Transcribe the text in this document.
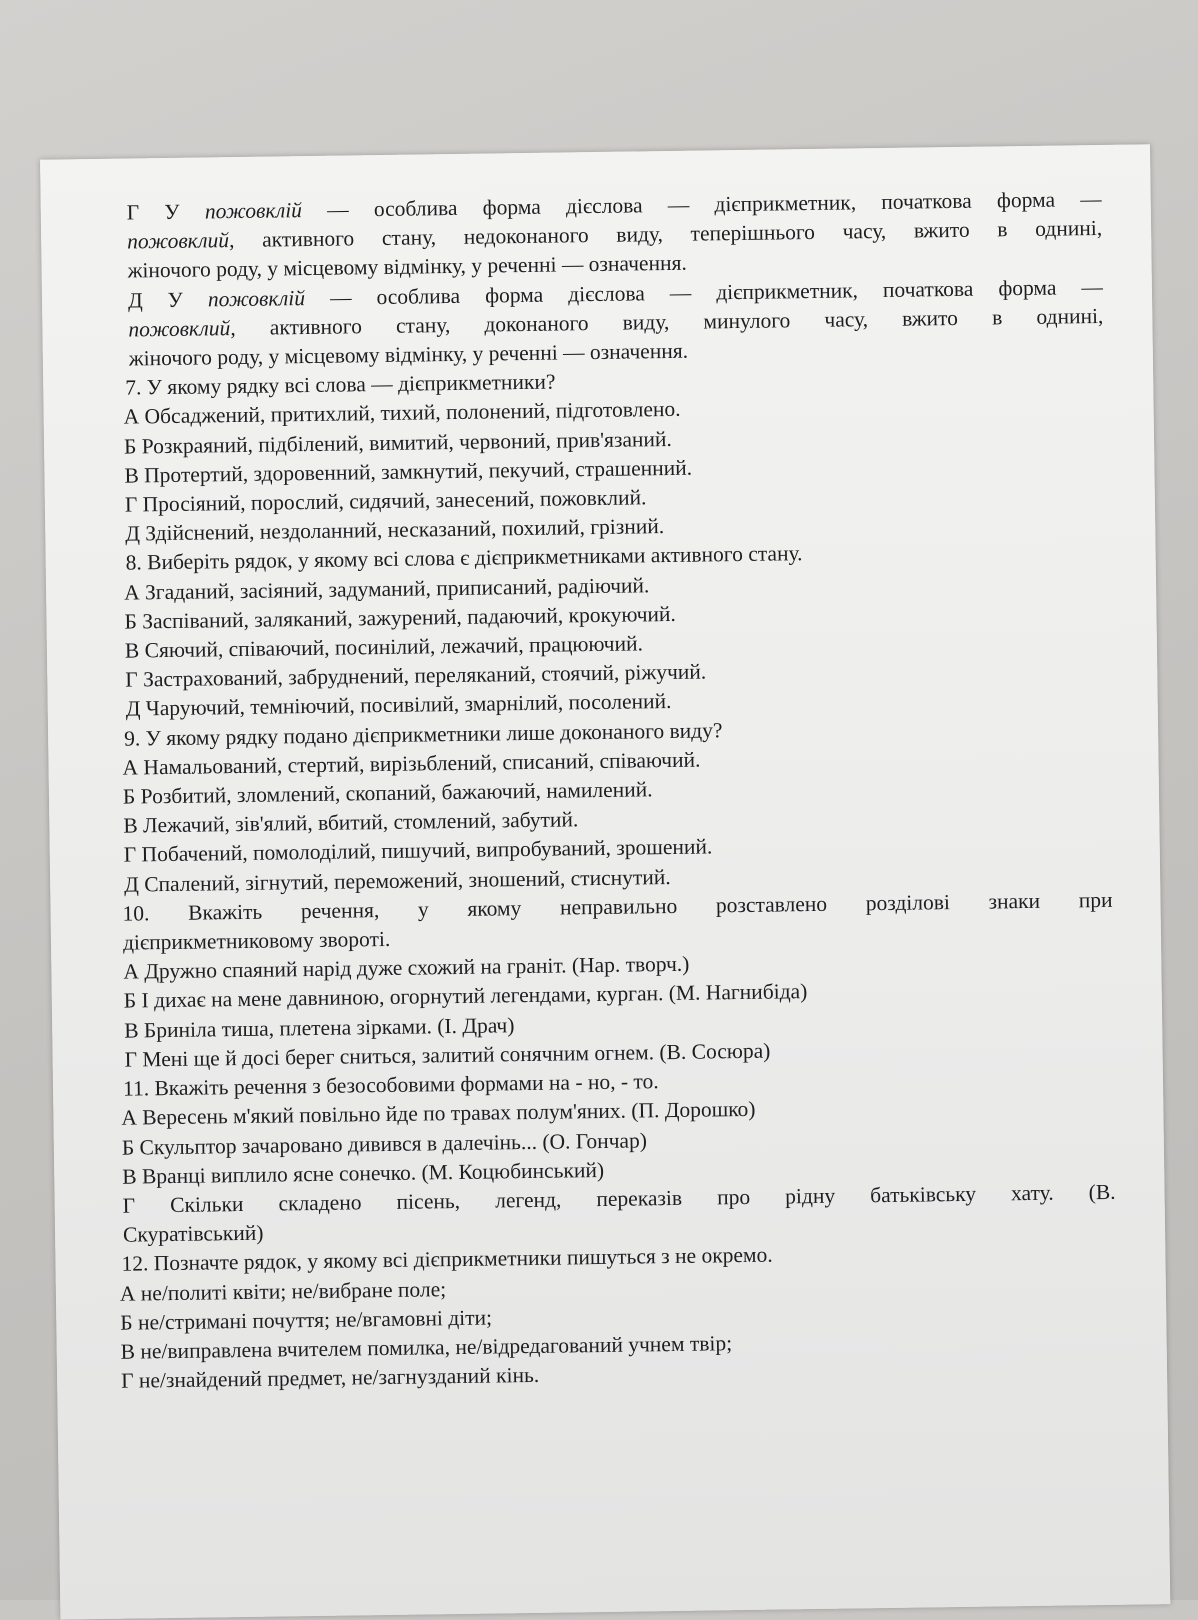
Г У пожовклій — особлива форма дієслова — дієприкметник, початкова форма —
пожовклий, активного стану, недоконаного виду, теперішнього часу, вжито в однині,
жіночого роду, у місцевому відмінку, у реченні — означення.
Д У пожовклій — особлива форма дієслова — дієприкметник, початкова форма —
пожовклий, активного стану, доконаного виду, минулого часу, вжито в однині,
жіночого роду, у місцевому відмінку, у реченні — означення.
7. У якому рядку всі слова — дієприкметники?
А Обсаджений, притихлий, тихий, полонений, підготовлено.
Б Розкраяний, підбілений, вимитий, червоний, прив'язаний.
В Протертий, здоровенний, замкнутий, пекучий, страшенний.
Г Просіяний, порослий, сидячий, занесений, пожовклий.
Д Здійснений, нездоланний, несказаний, похилий, грізний.
8. Виберіть рядок, у якому всі слова є дієприкметниками активного стану.
А Згаданий, засіяний, задуманий, приписаний, радіючий.
Б Заспіваний, заляканий, зажурений, падаючий, крокуючий.
В Сяючий, співаючий, посинілий, лежачий, працюючий.
Г Застрахований, забруднений, переляканий, стоячий, ріжучий.
Д Чаруючий, темніючий, посивілий, змарнілий, посолений.
9. У якому рядку подано дієприкметники лише доконаного виду?
А Намальований, стертий, вирізьблений, списаний, співаючий.
Б Розбитий, зломлений, скопаний, бажаючий, намилений.
В Лежачий, зів'ялий, вбитий, стомлений, забутий.
Г Побачений, помолоділий, пишучий, випробуваний, зрошений.
Д Спалений, зігнутий, переможений, зношений, стиснутий.
10. Вкажіть речення, у якому неправильно розставлено розділові знаки при
дієприкметниковому звороті.
А Дружно спаяний нарід дуже схожий на граніт. (Нар. творч.)
Б І дихає на мене давниною, огорнутий легендами, курган. (М. Нагнибіда)
В Бриніла тиша, плетена зірками. (І. Драч)
Г Мені ще й досі берег сниться, залитий сонячним огнем. (В. Сосюра)
11. Вкажіть речення з безособовими формами на - но, - то.
А Вересень м'який повільно йде по травах полум'яних. (П. Дорошко)
Б Скульптор зачаровано дивився в далечінь... (О. Гончар)
В Вранці виплило ясне сонечко. (М. Коцюбинський)
Г Скільки складено пісень, легенд, переказів про рідну батьківську хату. (В.
Скуратівський)
12. Позначте рядок, у якому всі дієприкметники пишуться з не окремо.
А не/политі квіти; не/вибране поле;
Б не/стримані почуття; не/вгамовні діти;
В не/виправлена вчителем помилка, не/відредагований учнем твір;
Г не/знайдений предмет, не/загнузданий кінь.
